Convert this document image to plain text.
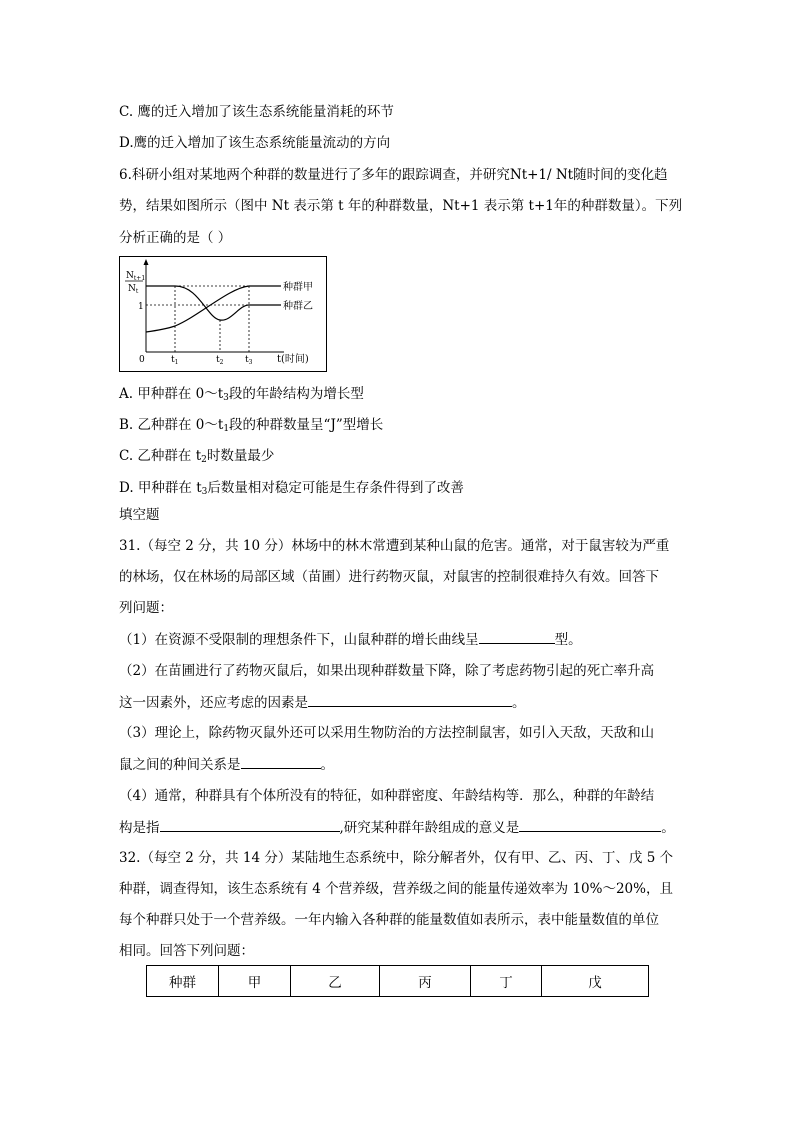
C. 鹰的迁入增加了该生态系统能量消耗的环节
D.鹰的迁入增加了该生态系统能量流动的方向
6.科研小组对某地两个种群的数量进行了多年的跟踪调查，并研究Nt+1/ Nt随时间的变化趋
势，结果如图所示（图中 Nt 表示第 t 年的种群数量，Nt+1 表示第 t+1年的种群数量）。下列
分析正确的是（ ）
$N_{t+1}$
$N_t$
1
0
种群甲
种群乙
$t_1$	$t_2$ $t_3$ t(时间)
A. 甲种群在 $0\sim t_3$段的年龄结构为增长型
B. 乙种群在 $0\sim t_1$段的种群数量呈“J”型增长
C. 乙种群在 $t_2$时数量最少
D. 甲种群在 $t_3$后数量相对稳定可能是生存条件得到了改善
填空题
31.（每空 2 分，共 10 分）林场中的林木常遭到某种山鼠的危害。通常，对于鼠害较为严重
的林场，仅在林场的局部区域（苗圃）进行药物灭鼠，对鼠害的控制很难持久有效。回答下
列问题：
（1）在资源不受限制的理想条件下，山鼠种群的增长曲线呈	型。
（2）在苗圃进行了药物灭鼠后，如果出现种群数量下降，除了考虑药物引起的死亡率升高
这一因素外，还应考虑的因素是	。
（3）理论上，除药物灭鼠外还可以采用生物防治的方法控制鼠害，如引入天敌，天敌和山
鼠之间的种间关系是	。
（4）通常，种群具有个体所没有的特征，如种群密度、年龄结构等．那么，种群的年龄结
构是指	,研究某种群年龄组成的意义是	。
32.（每空 2 分，共 14 分）某陆地生态系统中，除分解者外，仅有甲、乙、丙、丁、戊 5 个
种群，调查得知，该生态系统有 4 个营养级，营养级之间的能量传递效率为 10%～20%，且
每个种群只处于一个营养级。一年内输入各种群的能量数值如表所示，表中能量数值的单位
相同。回答下列问题：
种群	甲	乙	丙	丁	戊
